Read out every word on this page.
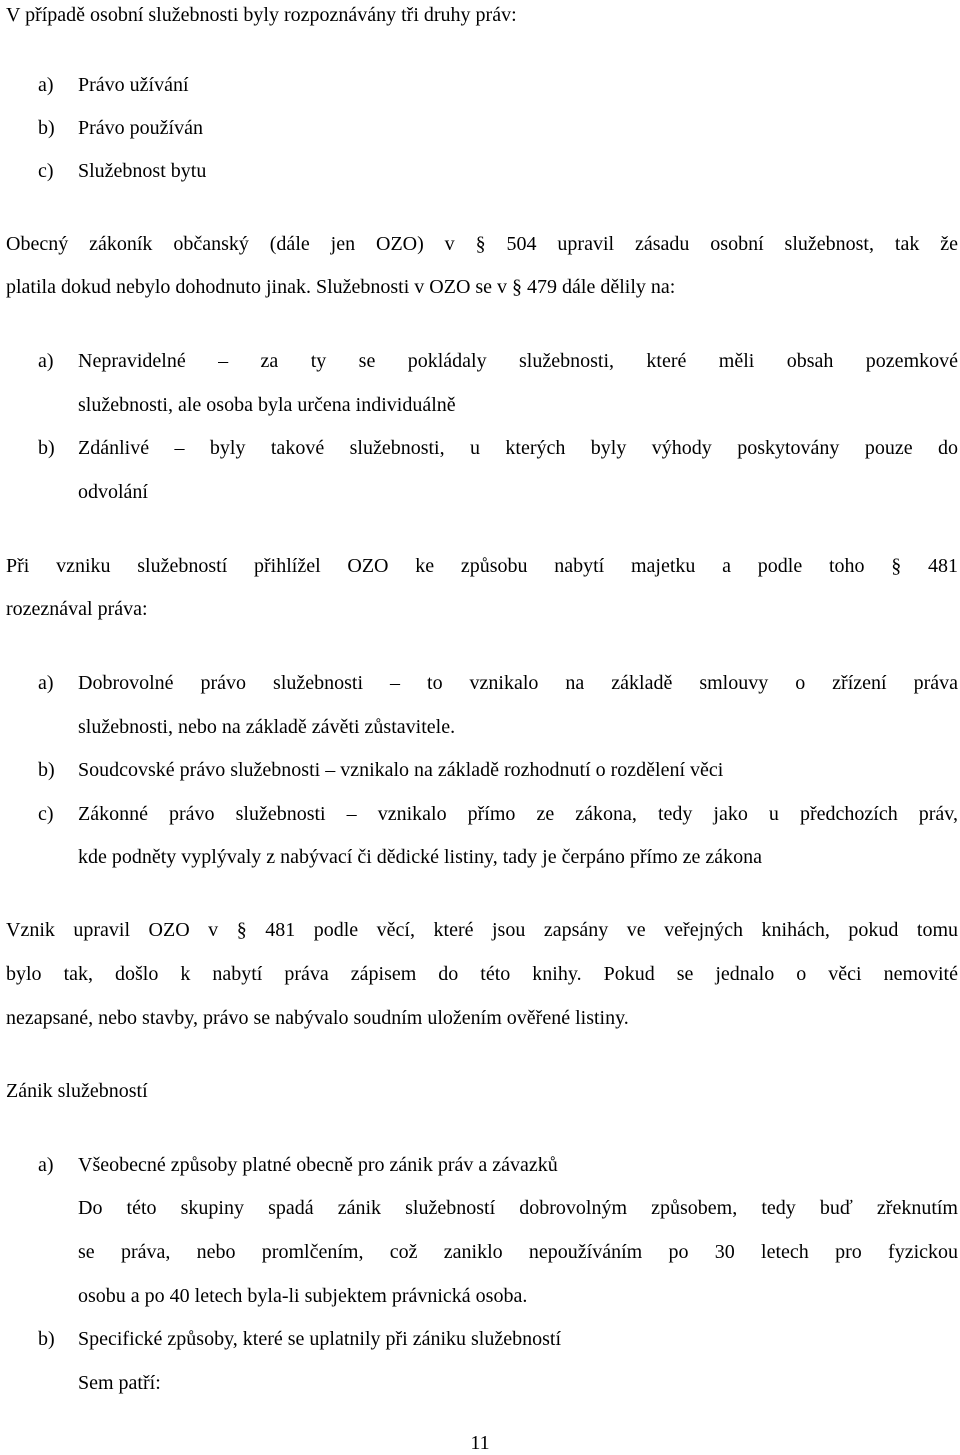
V případě osobní služebnosti byly rozpoznávány tři druhy práv:
a) Právo užívání
b) Právo používán
c) Služebnost bytu
Obecný zákoník občanský (dále jen OZO) v § 504 upravil zásadu osobní služebnost, tak že
platila dokud nebylo dohodnuto jinak. Služebnosti v OZO se v § 479 dále dělily na:
a) Nepravidelné – za ty se pokládaly služebnosti, které měli obsah pozemkové
služebnosti, ale osoba byla určena individuálně
b) Zdánlivé – byly takové služebnosti, u kterých byly výhody poskytovány pouze do
odvolání
Při vzniku služebností přihlížel OZO ke způsobu nabytí majetku a podle toho § 481
rozeznával práva:
a) Dobrovolné právo služebnosti – to vznikalo na základě smlouvy o zřízení práva
služebnosti, nebo na základě závěti zůstavitele.
b) Soudcovské právo služebnosti – vznikalo na základě rozhodnutí o rozdělení věci
c) Zákonné právo služebnosti – vznikalo přímo ze zákona, tedy jako u předchozích práv,
kde podněty vyplývaly z nabývací či dědické listiny, tady je čerpáno přímo ze zákona
Vznik upravil OZO v § 481 podle věcí, které jsou zapsány ve veřejných knihách, pokud tomu
bylo tak, došlo k nabytí práva zápisem do této knihy. Pokud se jednalo o věci nemovité
nezapsané, nebo stavby, právo se nabývalo soudním uložením ověřené listiny.
Zánik služebností
a) Všeobecné způsoby platné obecně pro zánik práv a závazků
Do této skupiny spadá zánik služebností dobrovolným způsobem, tedy buď zřeknutím
se práva, nebo promlčením, což zaniklo nepoužíváním po 30 letech pro fyzickou
osobu a po 40 letech byla-li subjektem právnická osoba.
b) Specifické způsoby, které se uplatnily při zániku služebností
Sem patří:
11
